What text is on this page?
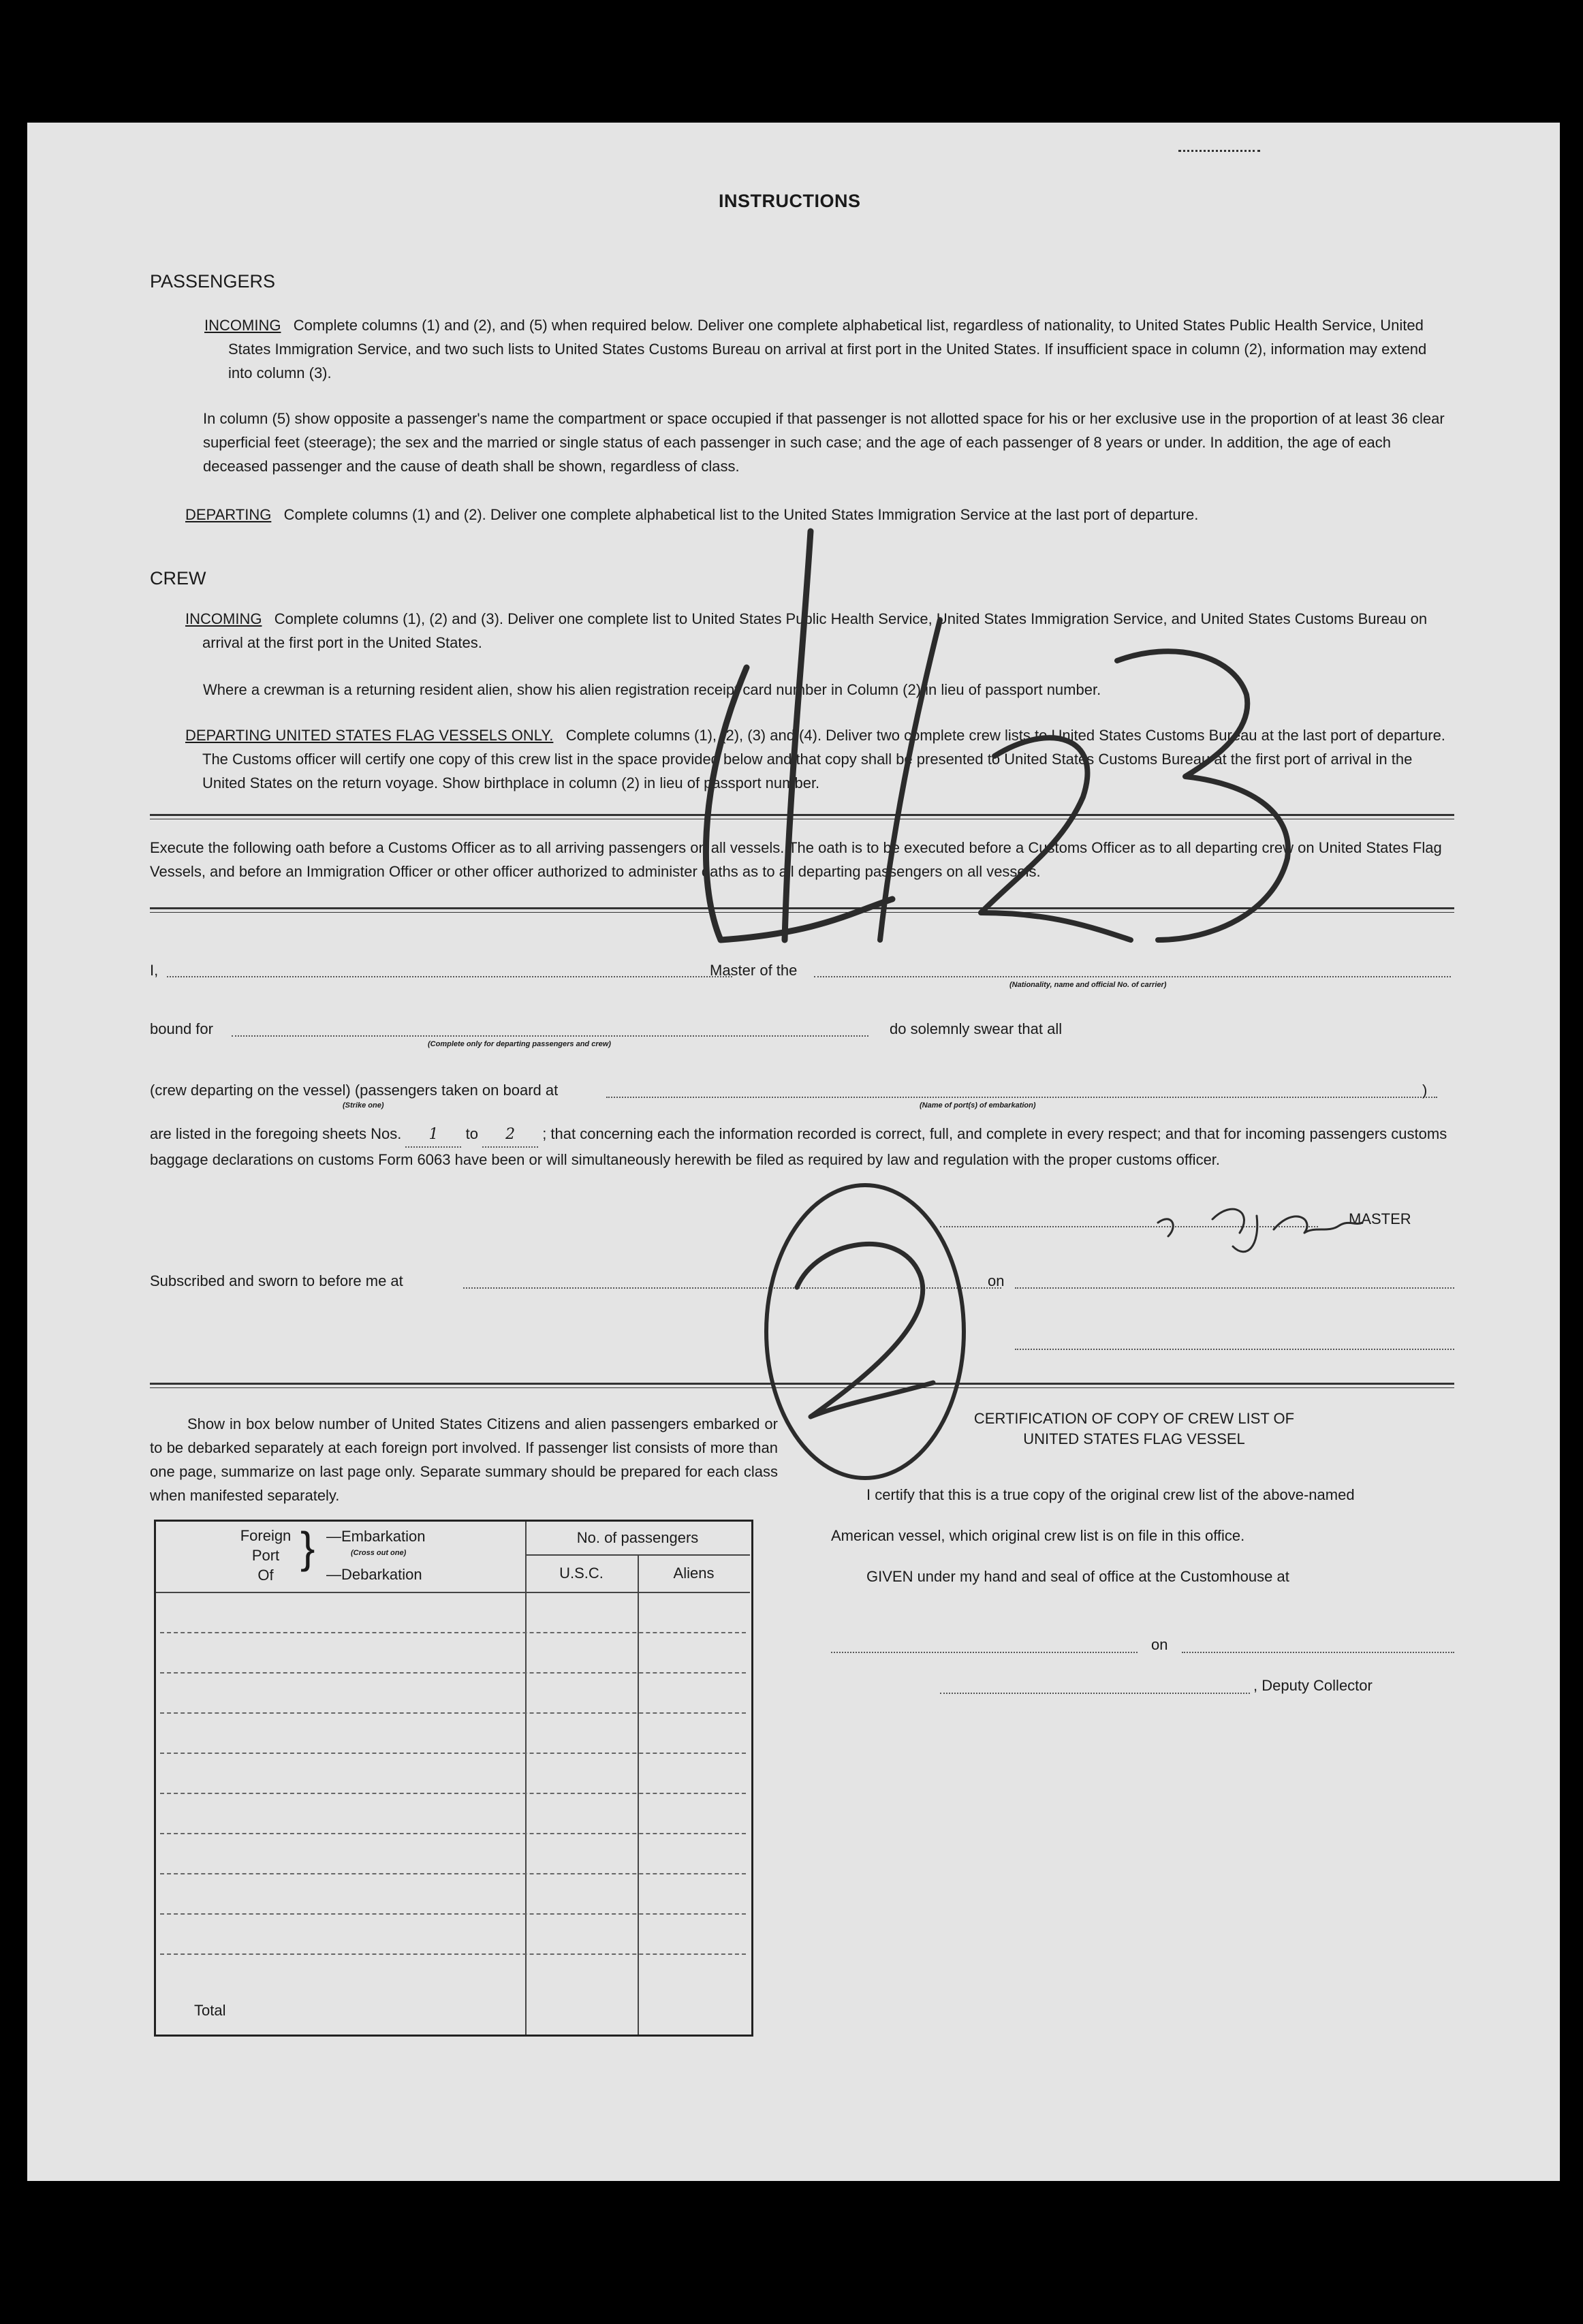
INSTRUCTIONS
PASSENGERS
INCOMING Complete columns (1) and (2), and (5) when required below. Deliver one complete alphabetical list, regardless of nationality, to United States Public Health Service, United States Immigration Service, and two such lists to United States Customs Bureau on arrival at first port in the United States. If insufficient space in column (2), information may extend into column (3).
In column (5) show opposite a passenger's name the compartment or space occupied if that passenger is not allotted space for his or her exclusive use in the proportion of at least 36 clear superficial feet (steerage); the sex and the married or single status of each passenger in such case; and the age of each passenger of 8 years or under. In addition, the age of each deceased passenger and the cause of death shall be shown, regardless of class.
DEPARTING Complete columns (1) and (2). Deliver one complete alphabetical list to the United States Immigration Service at the last port of departure.
CREW
INCOMING Complete columns (1), (2) and (3). Deliver one complete list to United States Public Health Service, United States Immigration Service, and United States Customs Bureau on arrival at the first port in the United States.
Where a crewman is a returning resident alien, show his alien registration receipt card number in Column (2) in lieu of passport number.
DEPARTING UNITED STATES FLAG VESSELS ONLY. Complete columns (1), (2), (3) and (4). Deliver two complete crew lists to United States Customs Bureau at the last port of departure. The Customs officer will certify one copy of this crew list in the space provided below and that copy shall be presented to United States Customs Bureau at the first port of arrival in the United States on the return voyage. Show birthplace in column (2) in lieu of passport number.
Execute the following oath before a Customs Officer as to all arriving passengers on all vessels. The oath is to be executed before a Customs Officer as to all departing crew on United States Flag Vessels, and before an Immigration Officer or other officer authorized to administer oaths as to all departing passengers on all vessels.
I,	Master of the
(Nationality, name and official No. of carrier)
bound for
(Complete only for departing passengers and crew)
do solemnly swear that all
(crew departing on the vessel) (passengers taken on board at	)
(Strike one)	(Name of port(s) of embarkation)
are listed in the foregoing sheets Nos. 1 to 2 ; that concerning each the information recorded is correct, full, and complete in every respect; and that for incoming passengers customs baggage declarations on customs Form 6063 have been or will simultaneously herewith be filed as required by law and regulation with the proper customs officer.
MASTER
Subscribed and sworn to before me at	on
Show in box below number of United States Citizens and alien passengers embarked or to be debarked separately at each foreign port involved. If passenger list consists of more than one page, summarize on last page only. Separate summary should be prepared for each class when manifested separately.
Foreign
Port
Of
} —Embarkation
(Cross out one)
—Debarkation
No. of passengers
U.S.C.	Aliens
Total
CERTIFICATION OF COPY OF CREW LIST OF UNITED STATES FLAG VESSEL
I certify that this is a true copy of the original crew list of the above-named
American vessel, which original crew list is on file in this office.
GIVEN under my hand and seal of office at the Customhouse at
on
, Deputy Collector
